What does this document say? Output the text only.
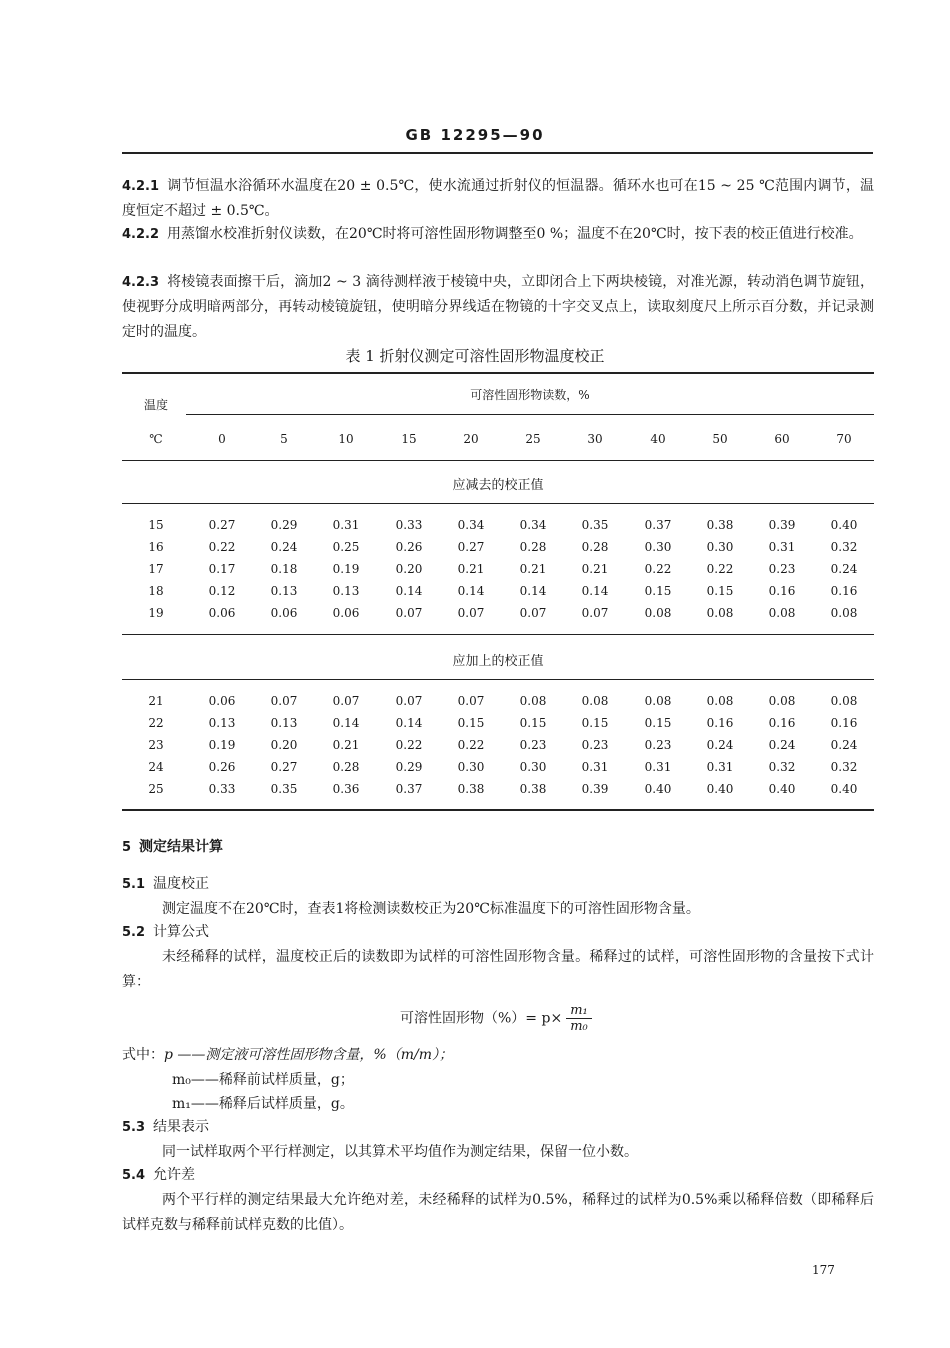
GB 12295—90
4.2.1 调节恒温水浴循环水温度在20 ± 0.5℃，使水流通过折射仪的恒温器。循环水也可在15 ~ 25 ℃范围内调节，温度恒定不超过 ± 0.5℃。
4.2.2 用蒸馏水校准折射仪读数，在20℃时将可溶性固形物调整至0 %；温度不在20℃时，按下表的校正值进行校准。
4.2.3 将棱镜表面擦干后，滴加2 ~ 3 滴待测样液于棱镜中央，立即闭合上下两块棱镜，对准光源，转动消色调节旋钮，使视野分成明暗两部分，再转动棱镜旋钮，使明暗分界线适在物镜的十字交叉点上，读取刻度尺上所示百分数，并记录测定时的温度。
表 1 折射仪测定可溶性固形物温度校正
温度
℃
可溶性固形物读数，%
0	5	10	15	20	25	30	40	50	60	70
应减去的校正值
15	0.27	0.29	0.31	0.33	0.34	0.34	0.35	0.37	0.38	0.39	0.40
16	0.22	0.24	0.25	0.26	0.27	0.28	0.28	0.30	0.30	0.31	0.32
17	0.17	0.18	0.19	0.20	0.21	0.21	0.21	0.22	0.22	0.23	0.24
18	0.12	0.13	0.13	0.14	0.14	0.14	0.14	0.15	0.15	0.16	0.16
19	0.06	0.06	0.06	0.07	0.07	0.07	0.07	0.08	0.08	0.08	0.08
应加上的校正值
21	0.06	0.07	0.07	0.07	0.07	0.08	0.08	0.08	0.08	0.08	0.08
22	0.13	0.13	0.14	0.14	0.15	0.15	0.15	0.15	0.16	0.16	0.16
23	0.19	0.20	0.21	0.22	0.22	0.23	0.23	0.23	0.24	0.24	0.24
24	0.26	0.27	0.28	0.29	0.30	0.30	0.31	0.31	0.31	0.32	0.32
25	0.33	0.35	0.36	0.37	0.38	0.38	0.39	0.40	0.40	0.40	0.40
5 测定结果计算
5.1 温度校正
测定温度不在20℃时，查表1将检测读数校正为20℃标准温度下的可溶性固形物含量。
5.2 计算公式
未经稀释的试样，温度校正后的读数即为试样的可溶性固形物含量。稀释过的试样，可溶性固形物的含量按下式计算：
可溶性固形物（%）= $p\times \frac{\text{m₁}}{\text{m₀}}$
式中：p ——测定液可溶性固形物含量，%（m/m）；
m₀——稀释前试样质量，g；
m₁——稀释后试样质量，g。
5.3 结果表示
同一试样取两个平行样测定，以其算术平均值作为测定结果，保留一位小数。
5.4 允许差
两个平行样的测定结果最大允许绝对差，未经稀释的试样为0.5%，稀释过的试样为0.5%乘以稀释倍数（即稀释后试样克数与稀释前试样克数的比值）。
177
